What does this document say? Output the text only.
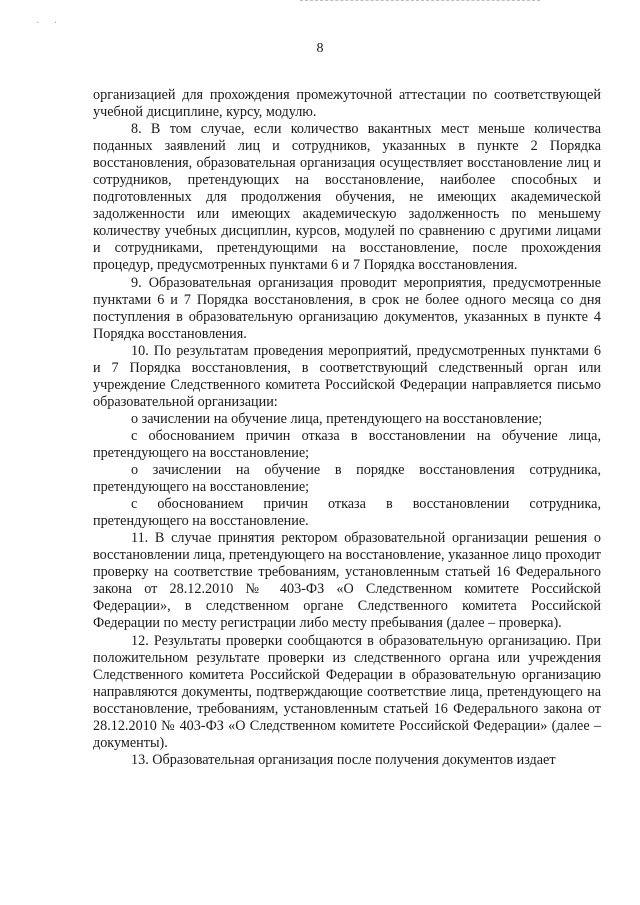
· ·
8

организацией для прохождения промежуточной аттестации по соответствующей учебной дисциплине, курсу, модулю.

8. В том случае, если количество вакантных мест меньше количества поданных заявлений лиц и сотрудников, указанных в пункте 2 Порядка восстановления, образовательная организация осуществляет восстановление лиц и сотрудников, претендующих на восстановление, наиболее способных и подготовленных для продолжения обучения, не имеющих академической задолженности или имеющих академическую задолженность по меньшему количеству учебных дисциплин, курсов, модулей по сравнению с другими лицами и сотрудниками, претендующими на восстановление, после прохождения процедур, предусмотренных пунктами 6 и 7 Порядка восстановления.

9. Образовательная организация проводит мероприятия, предусмотренные пунктами 6 и 7 Порядка восстановления, в срок не более одного месяца со дня поступления в образовательную организацию документов, указанных в пункте 4 Порядка восстановления.

10. По результатам проведения мероприятий, предусмотренных пунктами 6 и 7 Порядка восстановления, в соответствующий следственный орган или учреждение Следственного комитета Российской Федерации направляется письмо образовательной организации:

о зачислении на обучение лица, претендующего на восстановление;

с обоснованием причин отказа в восстановлении на обучение лица, претендующего на восстановление;

о зачислении на обучение в порядке восстановления сотрудника, претендующего на восстановление;

с обоснованием причин отказа в восстановлении сотрудника, претендующего на восстановление.

11. В случае принятия ректором образовательной организации решения о восстановлении лица, претендующего на восстановление, указанное лицо проходит проверку на соответствие требованиям, установленным статьей 16 Федерального закона от 28.12.2010 № 403-ФЗ «О Следственном комитете Российской Федерации», в следственном органе Следственного комитета Российской Федерации по месту регистрации либо месту пребывания (далее – проверка).

12. Результаты проверки сообщаются в образовательную организацию. При положительном результате проверки из следственного органа или учреждения Следственного комитета Российской Федерации в образовательную организацию направляются документы, подтверждающие соответствие лица, претендующего на восстановление, требованиям, установленным статьей 16 Федерального закона от 28.12.2010 № 403-ФЗ «О Следственном комитете Российской Федерации» (далее – документы).

13. Образовательная организация после получения документов издает
